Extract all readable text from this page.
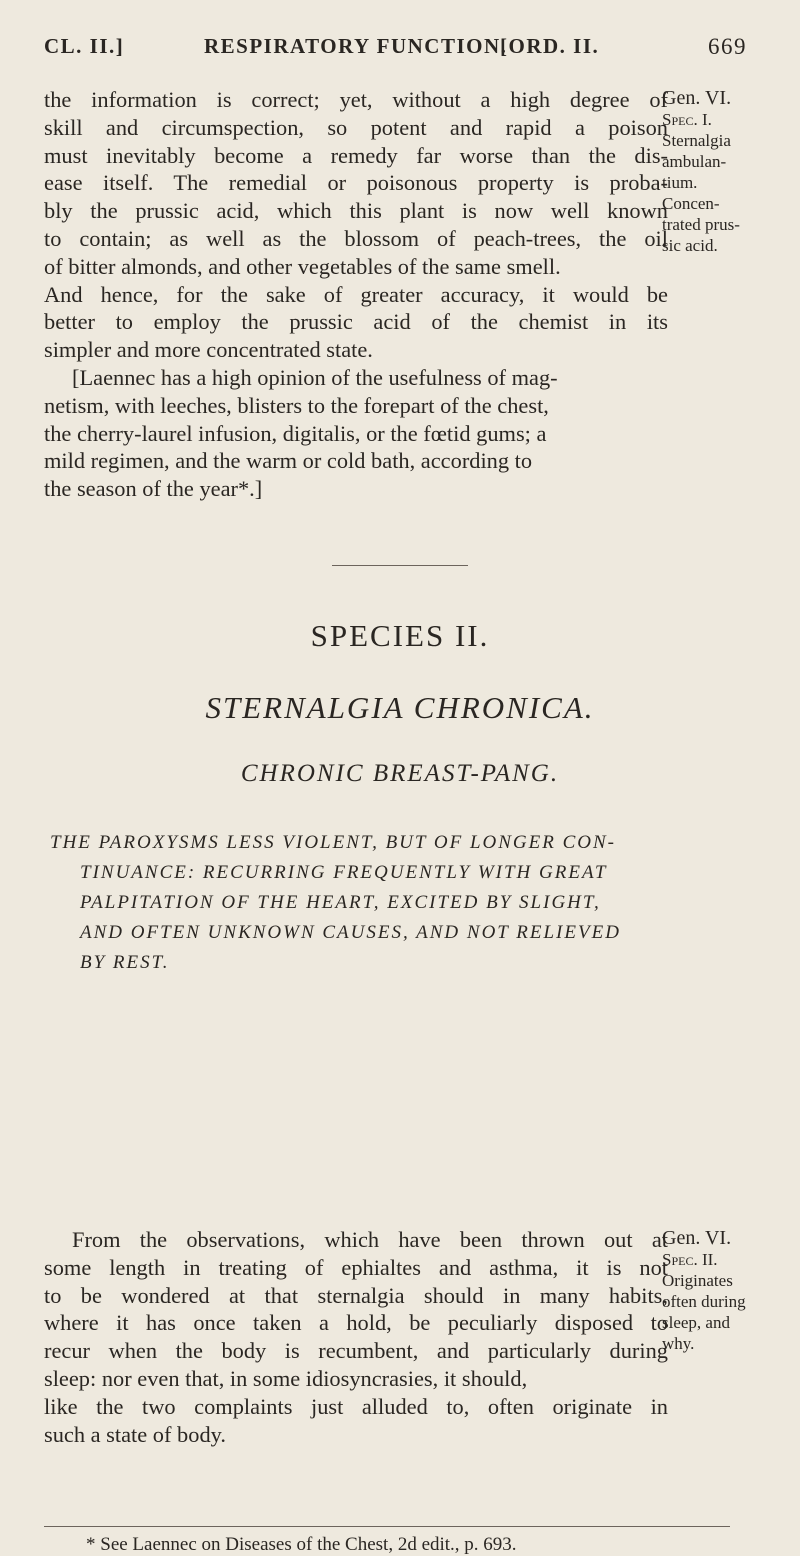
CL. II.]	RESPIRATORY FUNCTION.
[ORD. II.	669
the information is correct; yet, without a high degree of
skill and circumspection, so potent and rapid a poison
must inevitably become a remedy far worse than the dis-
ease itself. The remedial or poisonous property is proba-
bly the prussic acid, which this plant is now well known
to contain; as well as the blossom of peach-trees, the oil
of bitter almonds, and other vegetables of the same smell.
And hence, for the sake of greater accuracy, it would be
better to employ the prussic acid of the chemist in its
simpler and more concentrated state.
[Laennec has a high opinion of the usefulness of mag-
netism, with leeches, blisters to the forepart of the chest,
the cherry-laurel infusion, digitalis, or the fœtid gums; a
mild regimen, and the warm or cold bath, according to
the season of the year*.]
Gen. VI.
Spec. I.
Sternalgia
ambulan-
tium.
Concen-
trated prus-
sic acid.
SPECIES II.
STERNALGIA CHRONICA.
CHRONIC BREAST-PANG.
THE PAROXYSMS LESS VIOLENT, BUT OF LONGER CON-
TINUANCE: RECURRING FREQUENTLY WITH GREAT
PALPITATION OF THE HEART, EXCITED BY SLIGHT,
AND OFTEN UNKNOWN CAUSES, AND NOT RELIEVED
BY REST.
From the observations, which have been thrown out at
some length in treating of ephialtes and asthma, it is not
to be wondered at that sternalgia should in many habits,
where it has once taken a hold, be peculiarly disposed to
recur when the body is recumbent, and particularly during
sleep: nor even that, in some idiosyncrasies, it should,
like the two complaints just alluded to, often originate in
such a state of body.
Gen. VI.
Spec. II.
Originates
often during
sleep, and
why.
* See Laennec on Diseases of the Chest, 2d edit., p. 693.
